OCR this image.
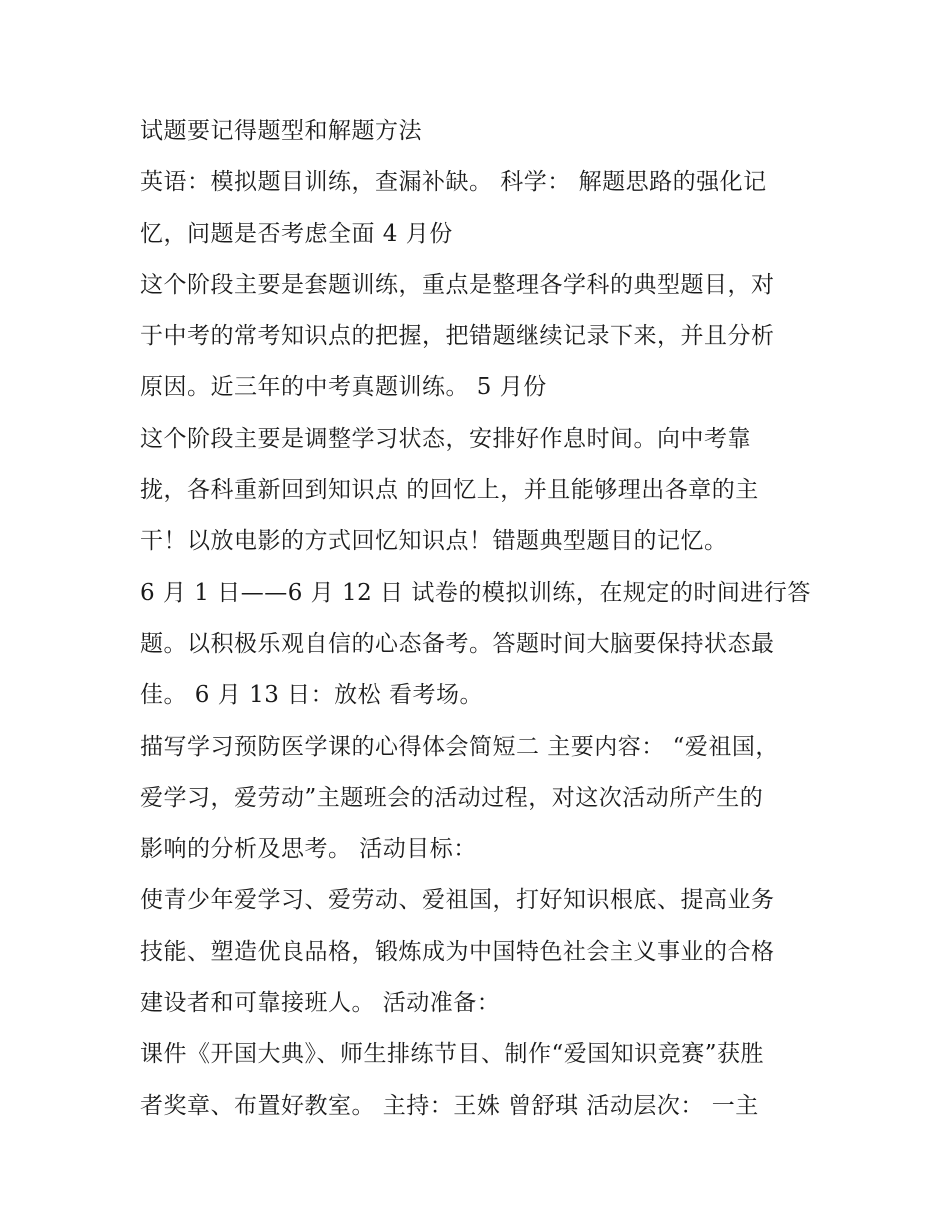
试题要记得题型和解题方法
英语：模拟题目训练，查漏补缺。 科学： 解题思路的强化记
忆，问题是否考虑全面 4 月份
这个阶段主要是套题训练，重点是整理各学科的典型题目，对
于中考的常考知识点的把握，把错题继续记录下来，并且分析
原因。近三年的中考真题训练。 5 月份
这个阶段主要是调整学习状态，安排好作息时间。向中考靠
拢，各科重新回到知识点 的回忆上，并且能够理出各章的主
干！以放电影的方式回忆知识点！错题典型题目的记忆。
6 月 1 日——6 月 12 日 试卷的模拟训练，在规定的时间进行答
题。以积极乐观自信的心态备考。答题时间大脑要保持状态最
佳。 6 月 13 日：放松 看考场。
描写学习预防医学课的心得体会简短二 主要内容： “爱祖国，
爱学习，爱劳动”主题班会的活动过程，对这次活动所产生的
影响的分析及思考。 活动目标：
使青少年爱学习、爱劳动、爱祖国，打好知识根底、提高业务
技能、塑造优良品格，锻炼成为中国特色社会主义事业的合格
建设者和可靠接班人。 活动准备：
课件《开国大典》、师生排练节目、制作“爱国知识竞赛”获胜
者奖章、布置好教室。 主持：王姝 曾舒琪 活动层次： 一主
